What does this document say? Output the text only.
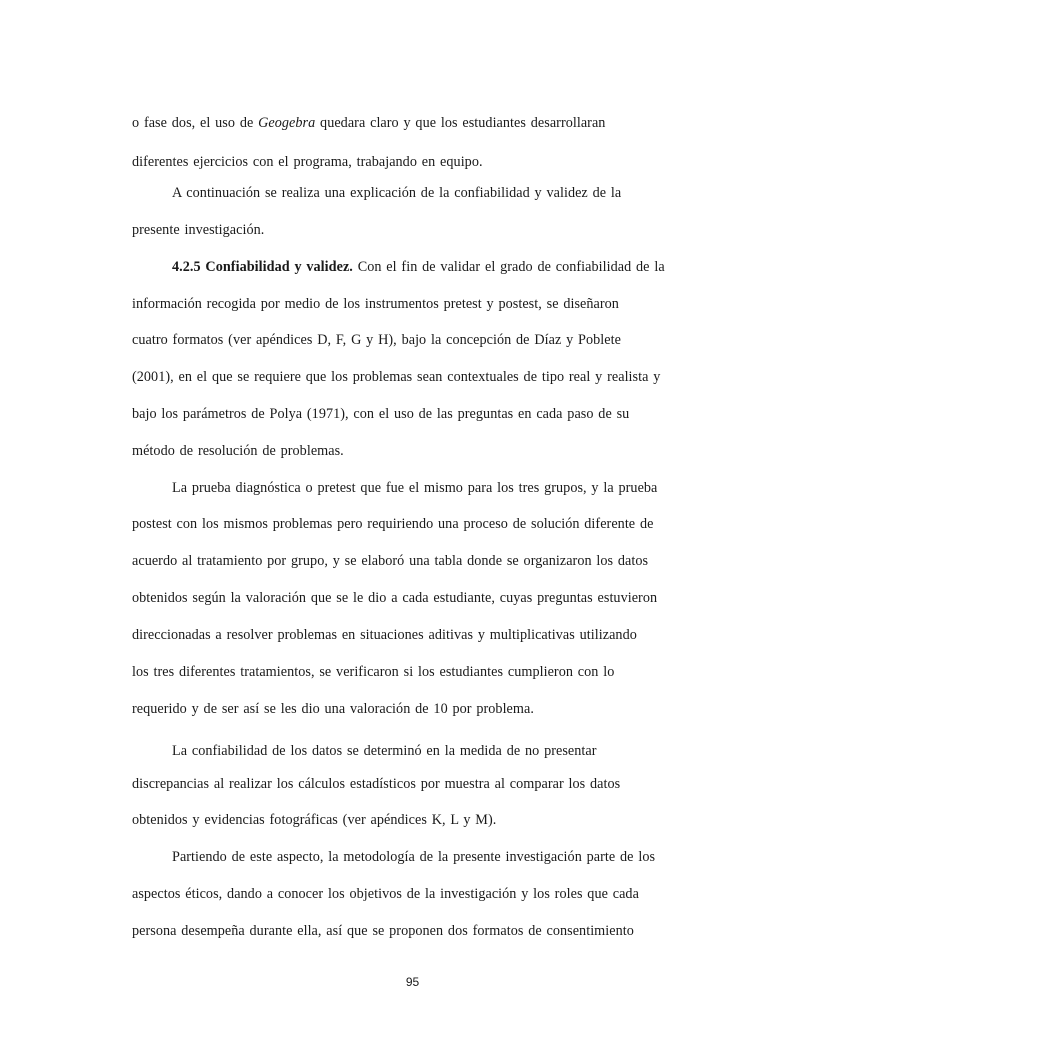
o fase dos, el uso de Geogebra quedara claro y que los estudiantes desarrollaran
diferentes ejercicios con el programa, trabajando en equipo.
A continuación se realiza una explicación de la confiabilidad y validez de la
presente investigación.
4.2.5 Confiabilidad y validez. Con el fin de validar el grado de confiabilidad de la
información recogida por medio de los instrumentos pretest y postest, se diseñaron
cuatro formatos (ver apéndices D, F, G y H), bajo la concepción de Díaz y Poblete
(2001), en el que se requiere que los problemas sean contextuales de tipo real y realista y
bajo los parámetros de Polya (1971), con el uso de las preguntas en cada paso de su
método de resolución de problemas.
La prueba diagnóstica o pretest que fue el mismo para los tres grupos, y la prueba
postest con los mismos problemas pero requiriendo una proceso de solución diferente de
acuerdo al tratamiento por grupo, y se elaboró una tabla donde se organizaron los datos
obtenidos según la valoración que se le dio a cada estudiante, cuyas preguntas estuvieron
direccionadas a resolver problemas en situaciones aditivas y multiplicativas utilizando
los tres diferentes tratamientos, se verificaron si los estudiantes cumplieron con lo
requerido y de ser así se les dio una valoración de 10 por problema.
La confiabilidad de los datos se determinó en la medida de no presentar
discrepancias al realizar los cálculos estadísticos por muestra al comparar los datos
obtenidos y evidencias fotográficas (ver apéndices K, L y M).
Partiendo de este aspecto, la metodología de la presente investigación parte de los
aspectos éticos, dando a conocer los objetivos de la investigación y los roles que cada
persona desempeña durante ella, así que se proponen dos formatos de consentimiento
95
